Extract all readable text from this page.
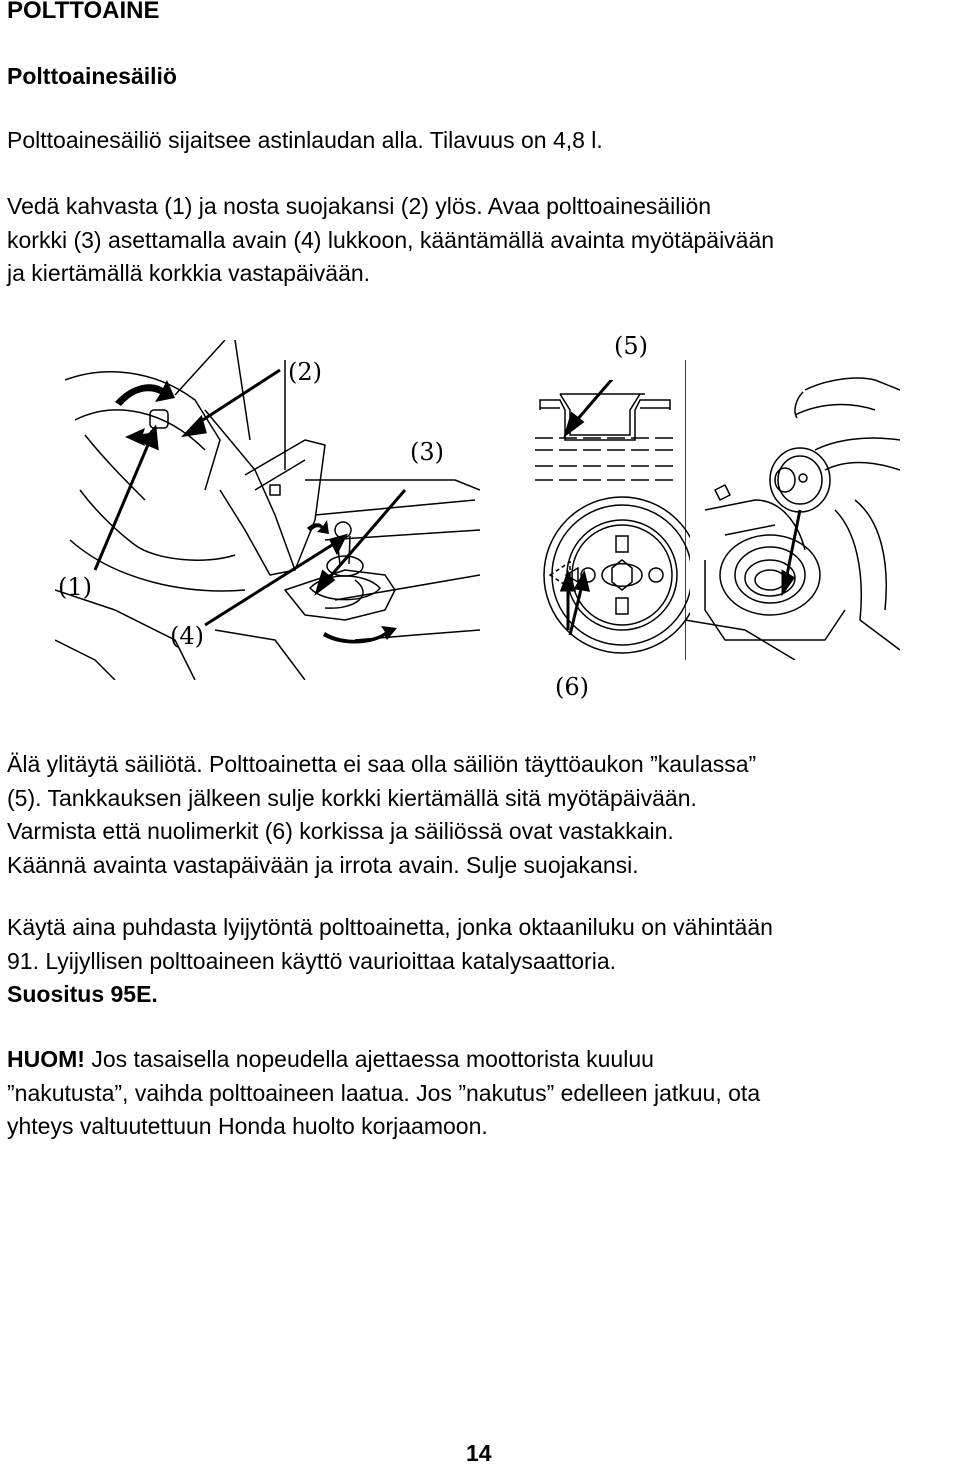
POLTTOAINE
Polttoainesäiliö
Polttoainesäiliö sijaitsee astinlaudan alla. Tilavuus on 4,8 l.
Vedä kahvasta (1) ja nosta suojakansi (2) ylös. Avaa polttoainesäiliön
korkki (3) asettamalla avain (4) lukkoon, kääntämällä avainta myötäpäivään
ja kiertämällä korkkia vastapäivään.
(2)
(3)
(5)
(1)
(4)
(6)
Älä ylitäytä säiliötä. Polttoainetta ei saa olla säiliön täyttöaukon ”kaulassa”
(5). Tankkauksen jälkeen sulje korkki kiertämällä sitä myötäpäivään.
Varmista että nuolimerkit (6) korkissa ja säiliössä ovat vastakkain.
Käännä avainta vastapäivään ja irrota avain. Sulje suojakansi.
Käytä aina puhdasta lyijytöntä polttoainetta, jonka oktaaniluku on vähintään
91. Lyijyllisen polttoaineen käyttö vaurioittaa katalysaattoria.
Suositus 95E.
HUOM! Jos tasaisella nopeudella ajettaessa moottorista kuuluu
”nakutusta”, vaihda polttoaineen laatua. Jos ”nakutus” edelleen jatkuu, ota
yhteys valtuutettuun Honda huolto korjaamoon.
14
